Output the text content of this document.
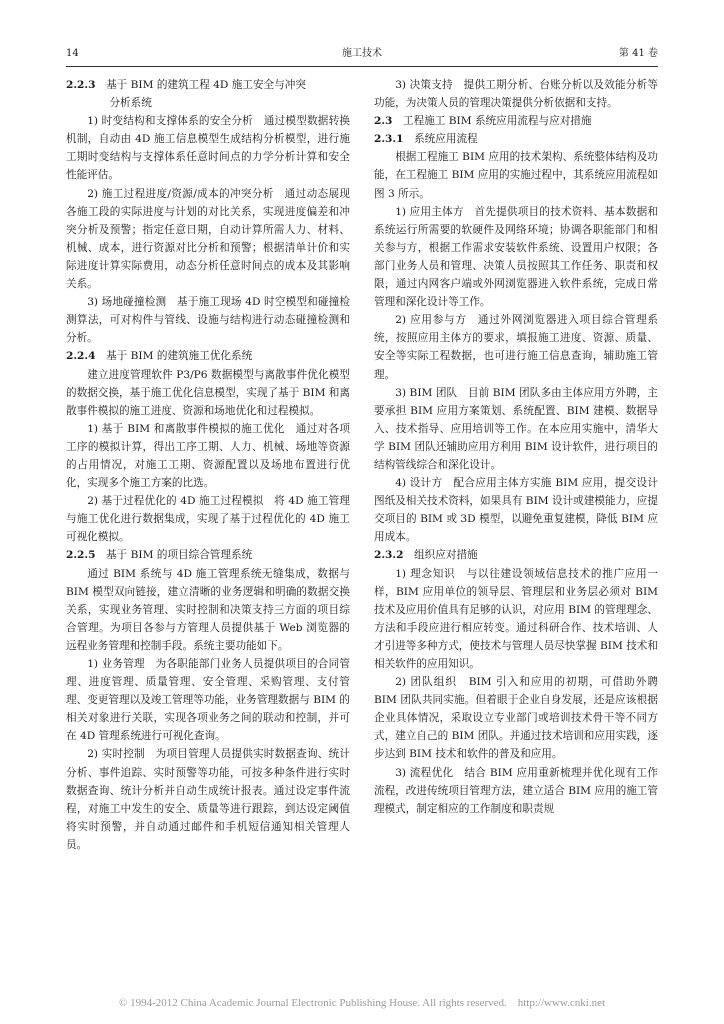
14	施工技术	第 41 卷

2.2.3　 基于 BIM 的建筑工程 4D 施工安全与冲突

分析系统

1) 时变结构和支撑体系的安全分析　通过模型数据转换机制，自动由 4D 施工信息模型生成结构分析模型，进行施工期时变结构与支撑体系任意时间点的力学分析计算和安全性能评估。

2) 施工过程进度/资源/成本的冲突分析　通过动态展现各施工段的实际进度与计划的对比关系，实现进度偏差和冲突分析及预警；指定任意日期，自动计算所需人力、材料、机械、成本，进行资源对比分析和预警；根据清单计价和实际进度计算实际费用，动态分析任意时间点的成本及其影响关系。

3) 场地碰撞检测　基于施工现场 4D 时空模型和碰撞检测算法，可对构件与管线、设施与结构进行动态碰撞检测和分析。

2.2.4　 基于 BIM 的建筑施工优化系统

建立进度管理软件 P3/P6 数据模型与离散事件优化模型的数据交换，基于施工优化信息模型，实现了基于 BIM 和离散事件模拟的施工进度、资源和场地优化和过程模拟。

1) 基于 BIM 和离散事件模拟的施工优化　通过对各项工序的模拟计算，得出工序工期、人力、机械、场地等资源的占用情况，对施工工期、资源配置以及场地布置进行优化，实现多个施工方案的比选。

2) 基于过程优化的 4D 施工过程模拟　将 4D 施工管理与施工优化进行数据集成，实现了基于过程优化的 4D 施工可视化模拟。

2.2.5　 基于 BIM 的项目综合管理系统

通过 BIM 系统与 4D 施工管理系统无缝集成，数据与 BIM 模型双向链接，建立清晰的业务逻辑和明确的数据交换关系，实现业务管理、实时控制和决策支持三方面的项目综合管理。为项目各参与方管理人员提供基于 Web 浏览器的远程业务管理和控制手段。系统主要功能如下。

1) 业务管理　为各职能部门业务人员提供项目的合同管理、进度管理、质量管理、安全管理、采购管理、支付管理、变更管理以及竣工管理等功能，业务管理数据与 BIM 的相关对象进行关联，实现各项业务之间的联动和控制，并可在 4D 管理系统进行可视化查询。

2) 实时控制　为项目管理人员提供实时数据查询、统计分析、事件追踪、实时预警等功能，可按多种条件进行实时数据查询、统计分析并自动生成统计报表。通过设定事件流程，对施工中发生的安全、质量等进行跟踪，到达设定阈值将实时预警，并自动通过邮件和手机短信通知相关管理人员。

3) 决策支持　提供工期分析、台账分析以及效能分析等功能，为决策人员的管理决策提供分析依据和支持。

2.3　 工程施工 BIM 系统应用流程与应对措施

2.3.1　 系统应用流程

根据工程施工 BIM 应用的技术架构、系统整体结构及功能，在工程施工 BIM 应用的实施过程中，其系统应用流程如图 3 所示。

1) 应用主体方　首先提供项目的技术资料、基本数据和系统运行所需要的软硬件及网络环境；协调各职能部门和相关参与方，根据工作需求安装软件系统、设置用户权限；各部门业务人员和管理、决策人员按照其工作任务、职责和权限，通过内网客户端或外网浏览器进入软件系统，完成日常管理和深化设计等工作。

2) 应用参与方　通过外网浏览器进入项目综合管理系统，按照应用主体方的要求，填报施工进度、资源、质量、安全等实际工程数据，也可进行施工信息查询，辅助施工管理。

3) BIM 团队　目前 BIM 团队多由主体应用方外聘，主要承担 BIM 应用方案策划、系统配置、BIM 建模、数据导入、技术指导、应用培训等工作。在本应用实施中，清华大学 BIM 团队还辅助应用方利用 BIM 设计软件，进行项目的结构管线综合和深化设计。

4) 设计方　配合应用主体方实施 BIM 应用，提交设计图纸及相关技术资料，如果具有 BIM 设计或建模能力，应提交项目的 BIM 或 3D 模型，以避免重复建模，降低 BIM 应用成本。

2.3.2　 组织应对措施

1) 理念知识　与以往建设领域信息技术的推广应用一样，BIM 应用单位的领导层、管理层和业务层必须对 BIM 技术及应用价值具有足够的认识，对应用 BIM 的管理理念、方法和手段应进行相应转变。通过科研合作、技术培训、人才引进等多种方式，使技术与管理人员尽快掌握 BIM 技术和相关软件的应用知识。

2) 团队组织　BIM 引入和应用的初期，可借助外聘 BIM 团队共同实施。但着眼于企业自身发展，还是应该根据企业具体情况，采取设立专业部门或培训技术骨干等不同方式，建立自己的 BIM 团队。并通过技术培训和应用实践，逐步达到 BIM 技术和软件的普及和应用。

3) 流程优化　结合 BIM 应用重新梳理并优化现有工作流程，改进传统项目管理方法，建立适合 BIM 应用的施工管理模式，制定相应的工作制度和职责规

© 1994-2012 China Academic Journal Electronic Publishing House. All rights reserved.　http://www.cnki.net
